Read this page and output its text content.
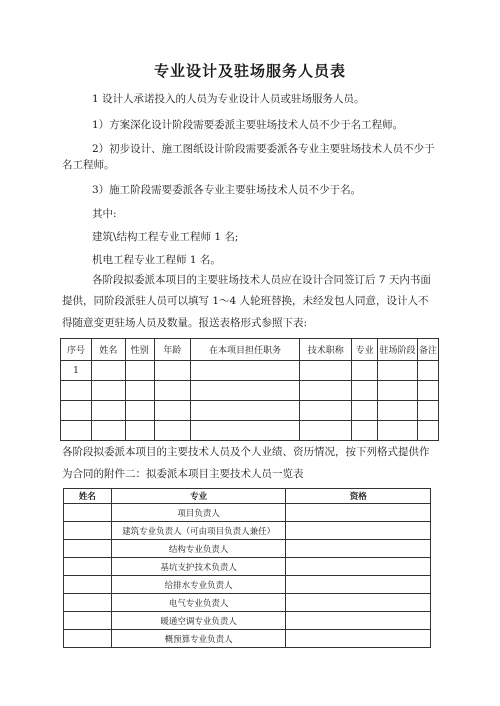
专业设计及驻场服务人员表
1 设计人承诺投入的人员为专业设计人员或驻场服务人员。
1）方案深化设计阶段需要委派主要驻场技术人员不少于名工程师。
2）初步设计、施工图纸设计阶段需要委派各专业主要驻场技术人员不少于
名工程师。
3）施工阶段需要委派各专业主要驻场技术人员不少于名。
其中:
建筑\结构工程专业工程师 1 名;
机电工程专业工程师 1 名。
各阶段拟委派本项目的主要驻场技术人员应在设计合同签订后 7 天内书面
提供，同阶段派驻人员可以填写 1～4 人轮班替换，未经发包人同意，设计人不
得随意变更驻场人员及数量。报送表格形式参照下表:
序号	姓名	性别	年龄	在本项目担任职务	技术职称	专业	驻场阶段	备注
1								

各阶段拟委派本项目的主要技术人员及个人业绩、资历情况，按下列格式提供作
为合同的附件二：拟委派本项目主要技术人员一览表
姓名	专业	资格
	项目负责人	
	建筑专业负责人（可由项目负责人兼任）	
	结构专业负责人	
	基坑支护技术负责人	
	给排水专业负责人	
	电气专业负责人	
	暖通空调专业负责人	
	概预算专业负责人	
